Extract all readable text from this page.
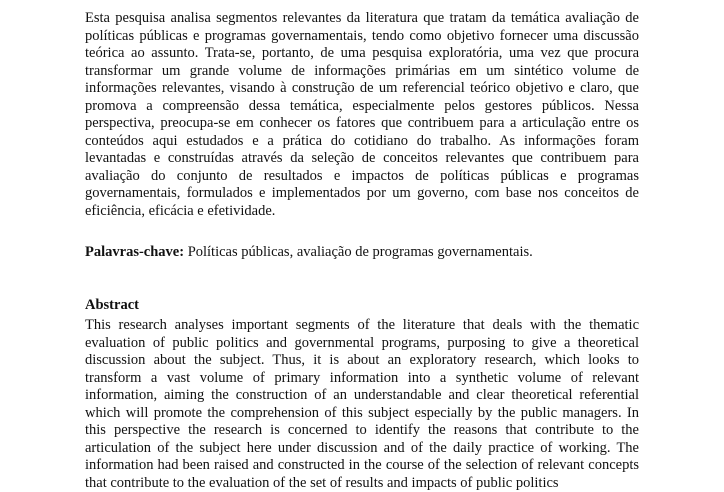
Esta pesquisa analisa segmentos relevantes da literatura que tratam da temática avaliação de políticas públicas e programas governamentais, tendo como objetivo fornecer uma discussão teórica ao assunto. Trata-se, portanto, de uma pesquisa exploratória, uma vez que procura transformar um grande volume de informações primárias em um sintético volume de informações relevantes, visando à construção de um referencial teórico objetivo e claro, que promova a compreensão dessa temática, especialmente pelos gestores públicos. Nessa perspectiva, preocupa-se em conhecer os fatores que contribuem para a articulação entre os conteúdos aqui estudados e a prática do cotidiano do trabalho. As informações foram levantadas e construídas através da seleção de conceitos relevantes que contribuem para avaliação do conjunto de resultados e impactos de políticas públicas e programas governamentais, formulados e implementados por um governo, com base nos conceitos de eficiência, eficácia e efetividade.

Palavras-chave: Políticas públicas, avaliação de programas governamentais.

Abstract

This research analyses important segments of the literature that deals with the thematic evaluation of public politics and governmental programs, purposing to give a theoretical discussion about the subject. Thus, it is about an exploratory research, which looks to transform a vast volume of primary information into a synthetic volume of relevant information, aiming the construction of an understandable and clear theoretical referential which will promote the comprehension of this subject especially by the public managers. In this perspective the research is concerned to identify the reasons that contribute to the articulation of the subject here under discussion and of the daily practice of working. The information had been raised and constructed in the course of the selection of relevant concepts that contribute to the evaluation of the set of results and impacts of public politics
